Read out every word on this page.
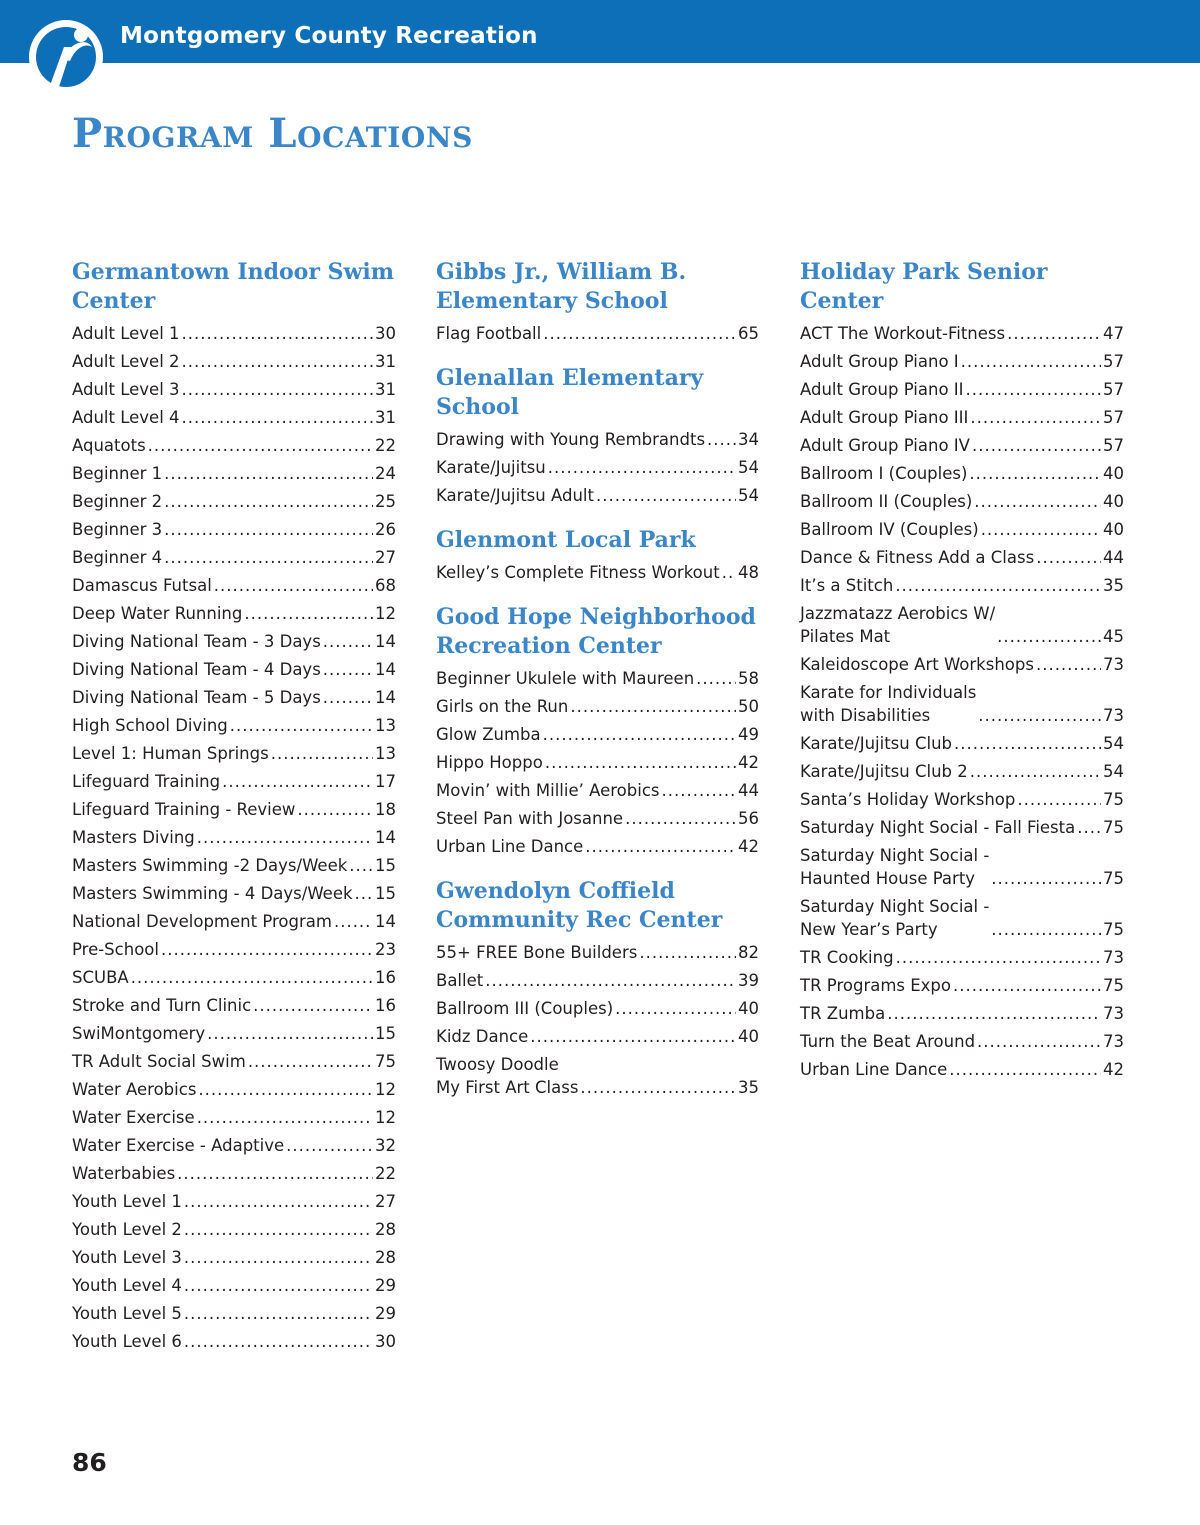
Montgomery County Recreation
Program Locations
Germantown Indoor Swim Center
Adult Level 1 .....	30
Adult Level 2 .....	31
Adult Level 3 .....	31
Adult Level 4 .....	31
Aquatots .....	22
Beginner 1 .....	24
Beginner 2 .....	25
Beginner 3 .....	26
Beginner 4 .....	27
Damascus Futsal .....	68
Deep Water Running .....	12
Diving National Team - 3 Days .....	14
Diving National Team - 4 Days .....	14
Diving National Team - 5 Days .....	14
High School Diving .....	13
Level 1: Human Springs .....	13
Lifeguard Training .....	17
Lifeguard Training - Review .....	18
Masters Diving .....	14
Masters Swimming -2 Days/Week ..... 15
Masters Swimming - 4 Days/Week ..... 15
National Development Program .....	14
Pre-School .....	23
SCUBA .....	16
Stroke and Turn Clinic .....	16
SwiMontgomery .....	15
TR Adult Social Swim .....	75
Water Aerobics .....	12
Water Exercise .....	12
Water Exercise - Adaptive .....	32
Waterbabies .....	22
Youth Level 1 .....	27
Youth Level 2 .....	28
Youth Level 3 .....	28
Youth Level 4 .....	29
Youth Level 5 .....	29
Youth Level 6 .....	30
Gibbs Jr., William B. Elementary School
Flag Football .....	65
Glenallan Elementary School
Drawing with Young Rembrandts ..... 34
Karate/Jujitsu .....	54
Karate/Jujitsu Adult .....	54
Glenmont Local Park
Kelley’s Complete Fitness Workout ..... 48
Good Hope Neighborhood Recreation Center
Beginner Ukulele with Maureen .....	58
Girls on the Run .....	50
Glow Zumba .....	49
Hippo Hoppo .....	42
Movin’ with Millie’ Aerobics .....	44
Steel Pan with Josanne .....	56
Urban Line Dance .....	42
Gwendolyn Coffield Community Rec Center
55+ FREE Bone Builders .....	82
Ballet .....	39
Ballroom III (Couples) .....	40
Kidz Dance .....	40
Twoosy Doodle
My First Art Class .....	35
Holiday Park Senior Center
ACT The Workout-Fitness .....	47
Adult Group Piano I .....	57
Adult Group Piano II .....	57
Adult Group Piano III .....	57
Adult Group Piano IV .....	57
Ballroom I (Couples) .....	40
Ballroom II (Couples) .....	40
Ballroom IV (Couples) .....	40
Dance & Fitness Add a Class .....	44
It’s a Stitch .....	35
Jazzmatazz Aerobics W/
Pilates Mat .....	45
Kaleidoscope Art Workshops .....	73
Karate for Individuals
with Disabilities .....	73
Karate/Jujitsu Club .....	54
Karate/Jujitsu Club 2 .....	54
Santa’s Holiday Workshop .....	75
Saturday Night Social - Fall Fiesta ..... 75
Saturday Night Social -
Haunted House Party .....	75
Saturday Night Social -
New Year’s Party .....	75
TR Cooking .....	73
TR Programs Expo .....	75
TR Zumba .....	73
Turn the Beat Around .....	73
Urban Line Dance .....	42
86
